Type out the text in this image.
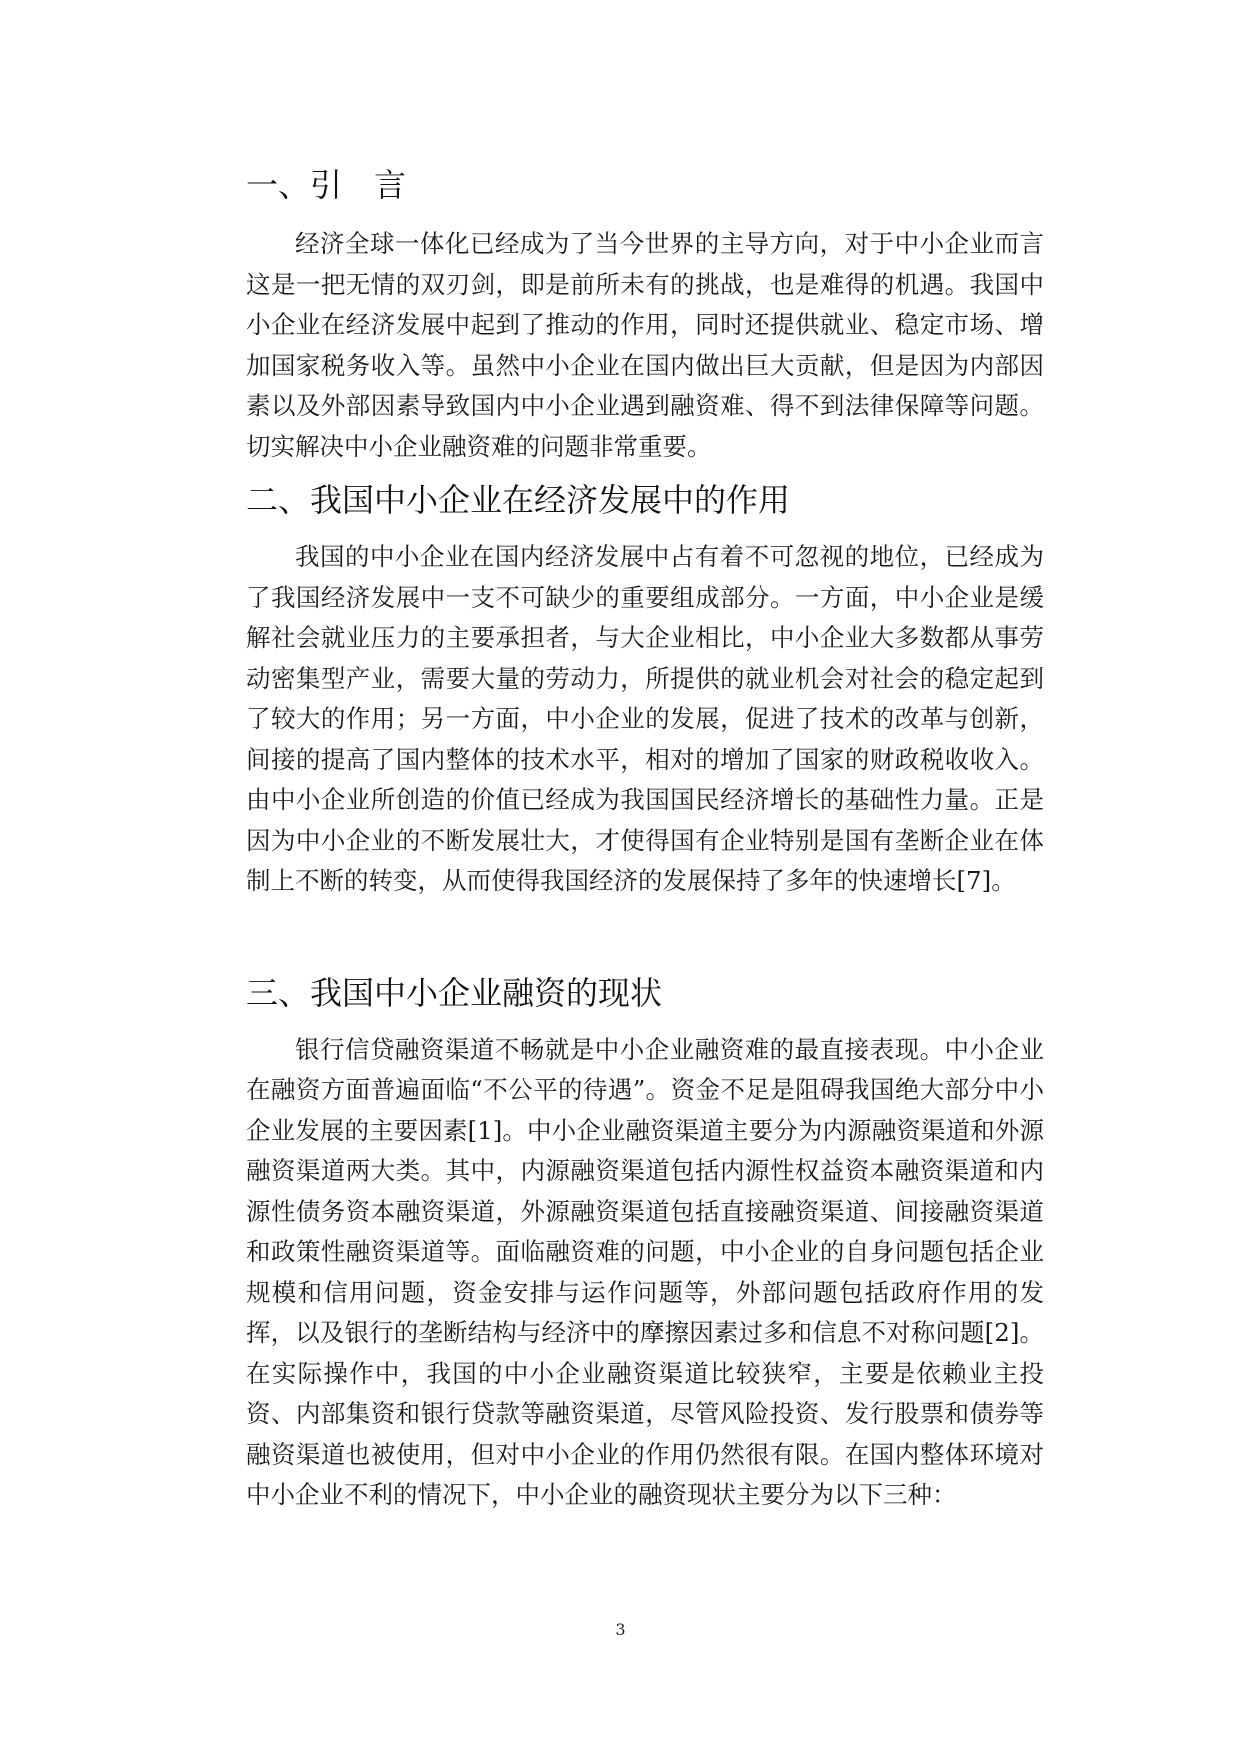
一、引　言

经济全球一体化已经成为了当今世界的主导方向，对于中小企业而言这是一把无情的双刃剑，即是前所未有的挑战，也是难得的机遇。我国中小企业在经济发展中起到了推动的作用，同时还提供就业、稳定市场、增加国家税务收入等。虽然中小企业在国内做出巨大贡献，但是因为内部因素以及外部因素导致国内中小企业遇到融资难、得不到法律保障等问题。切实解决中小企业融资难的问题非常重要。

二、我国中小企业在经济发展中的作用

我国的中小企业在国内经济发展中占有着不可忽视的地位，已经成为了我国经济发展中一支不可缺少的重要组成部分。一方面，中小企业是缓解社会就业压力的主要承担者，与大企业相比，中小企业大多数都从事劳动密集型产业，需要大量的劳动力，所提供的就业机会对社会的稳定起到了较大的作用；另一方面，中小企业的发展，促进了技术的改革与创新，间接的提高了国内整体的技术水平，相对的增加了国家的财政税收收入。由中小企业所创造的价值已经成为我国国民经济增长的基础性力量。正是因为中小企业的不断发展壮大，才使得国有企业特别是国有垄断企业在体制上不断的转变，从而使得我国经济的发展保持了多年的快速增长[7]。

三、我国中小企业融资的现状

银行信贷融资渠道不畅就是中小企业融资难的最直接表现。中小企业在融资方面普遍面临“不公平的待遇”。资金不足是阻碍我国绝大部分中小企业发展的主要因素[1]。中小企业融资渠道主要分为内源融资渠道和外源融资渠道两大类。其中，内源融资渠道包括内源性权益资本融资渠道和内源性债务资本融资渠道，外源融资渠道包括直接融资渠道、间接融资渠道和政策性融资渠道等。面临融资难的问题，中小企业的自身问题包括企业规模和信用问题，资金安排与运作问题等，外部问题包括政府作用的发挥，以及银行的垄断结构与经济中的摩擦因素过多和信息不对称问题[2]。在实际操作中，我国的中小企业融资渠道比较狭窄，主要是依赖业主投资、内部集资和银行贷款等融资渠道，尽管风险投资、发行股票和债券等融资渠道也被使用，但对中小企业的作用仍然很有限。在国内整体环境对中小企业不利的情况下，中小企业的融资现状主要分为以下三种：

3
